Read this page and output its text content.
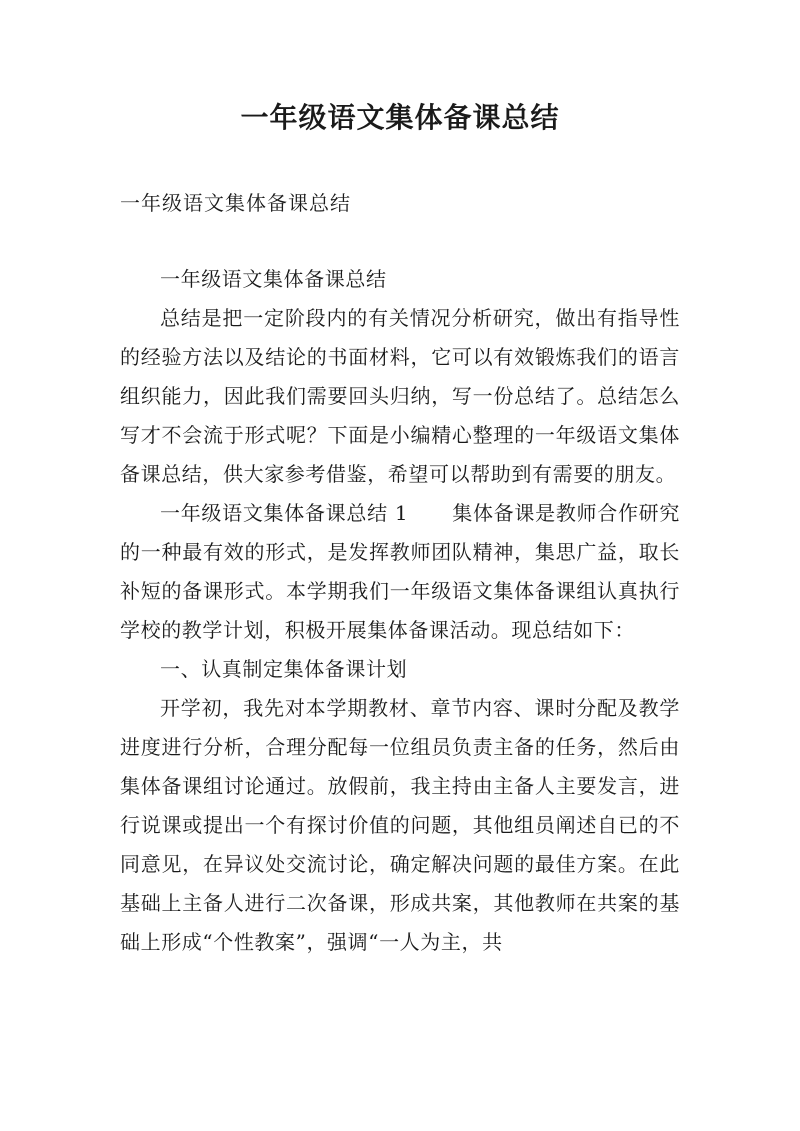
一年级语文集体备课总结
一年级语文集体备课总结

一年级语文集体备课总结

总结是把一定阶段内的有关情况分析研究，做出有指导性的经验方法以及结论的书面材料，它可以有效锻炼我们的语言组织能力，因此我们需要回头归纳，写一份总结了。总结怎么写才不会流于形式呢？下面是小编精心整理的一年级语文集体备课总结，供大家参考借鉴，希望可以帮助到有需要的朋友。

一年级语文集体备课总结 1 集体备课是教师合作研究的一种最有效的形式，是发挥教师团队精神，集思广益，取长补短的备课形式。本学期我们一年级语文集体备课组认真执行学校的教学计划，积极开展集体备课活动。现总结如下：

一、认真制定集体备课计划

开学初，我先对本学期教材、章节内容、课时分配及教学进度进行分析，合理分配每一位组员负责主备的任务，然后由集体备课组讨论通过。放假前，我主持由主备人主要发言，进行说课或提出一个有探讨价值的问题，其他组员阐述自已的不同意见，在异议处交流讨论，确定解决问题的最佳方案。在此基础上主备人进行二次备课，形成共案，其他教师在共案的基础上形成“个性教案”，强调“一人为主，共
